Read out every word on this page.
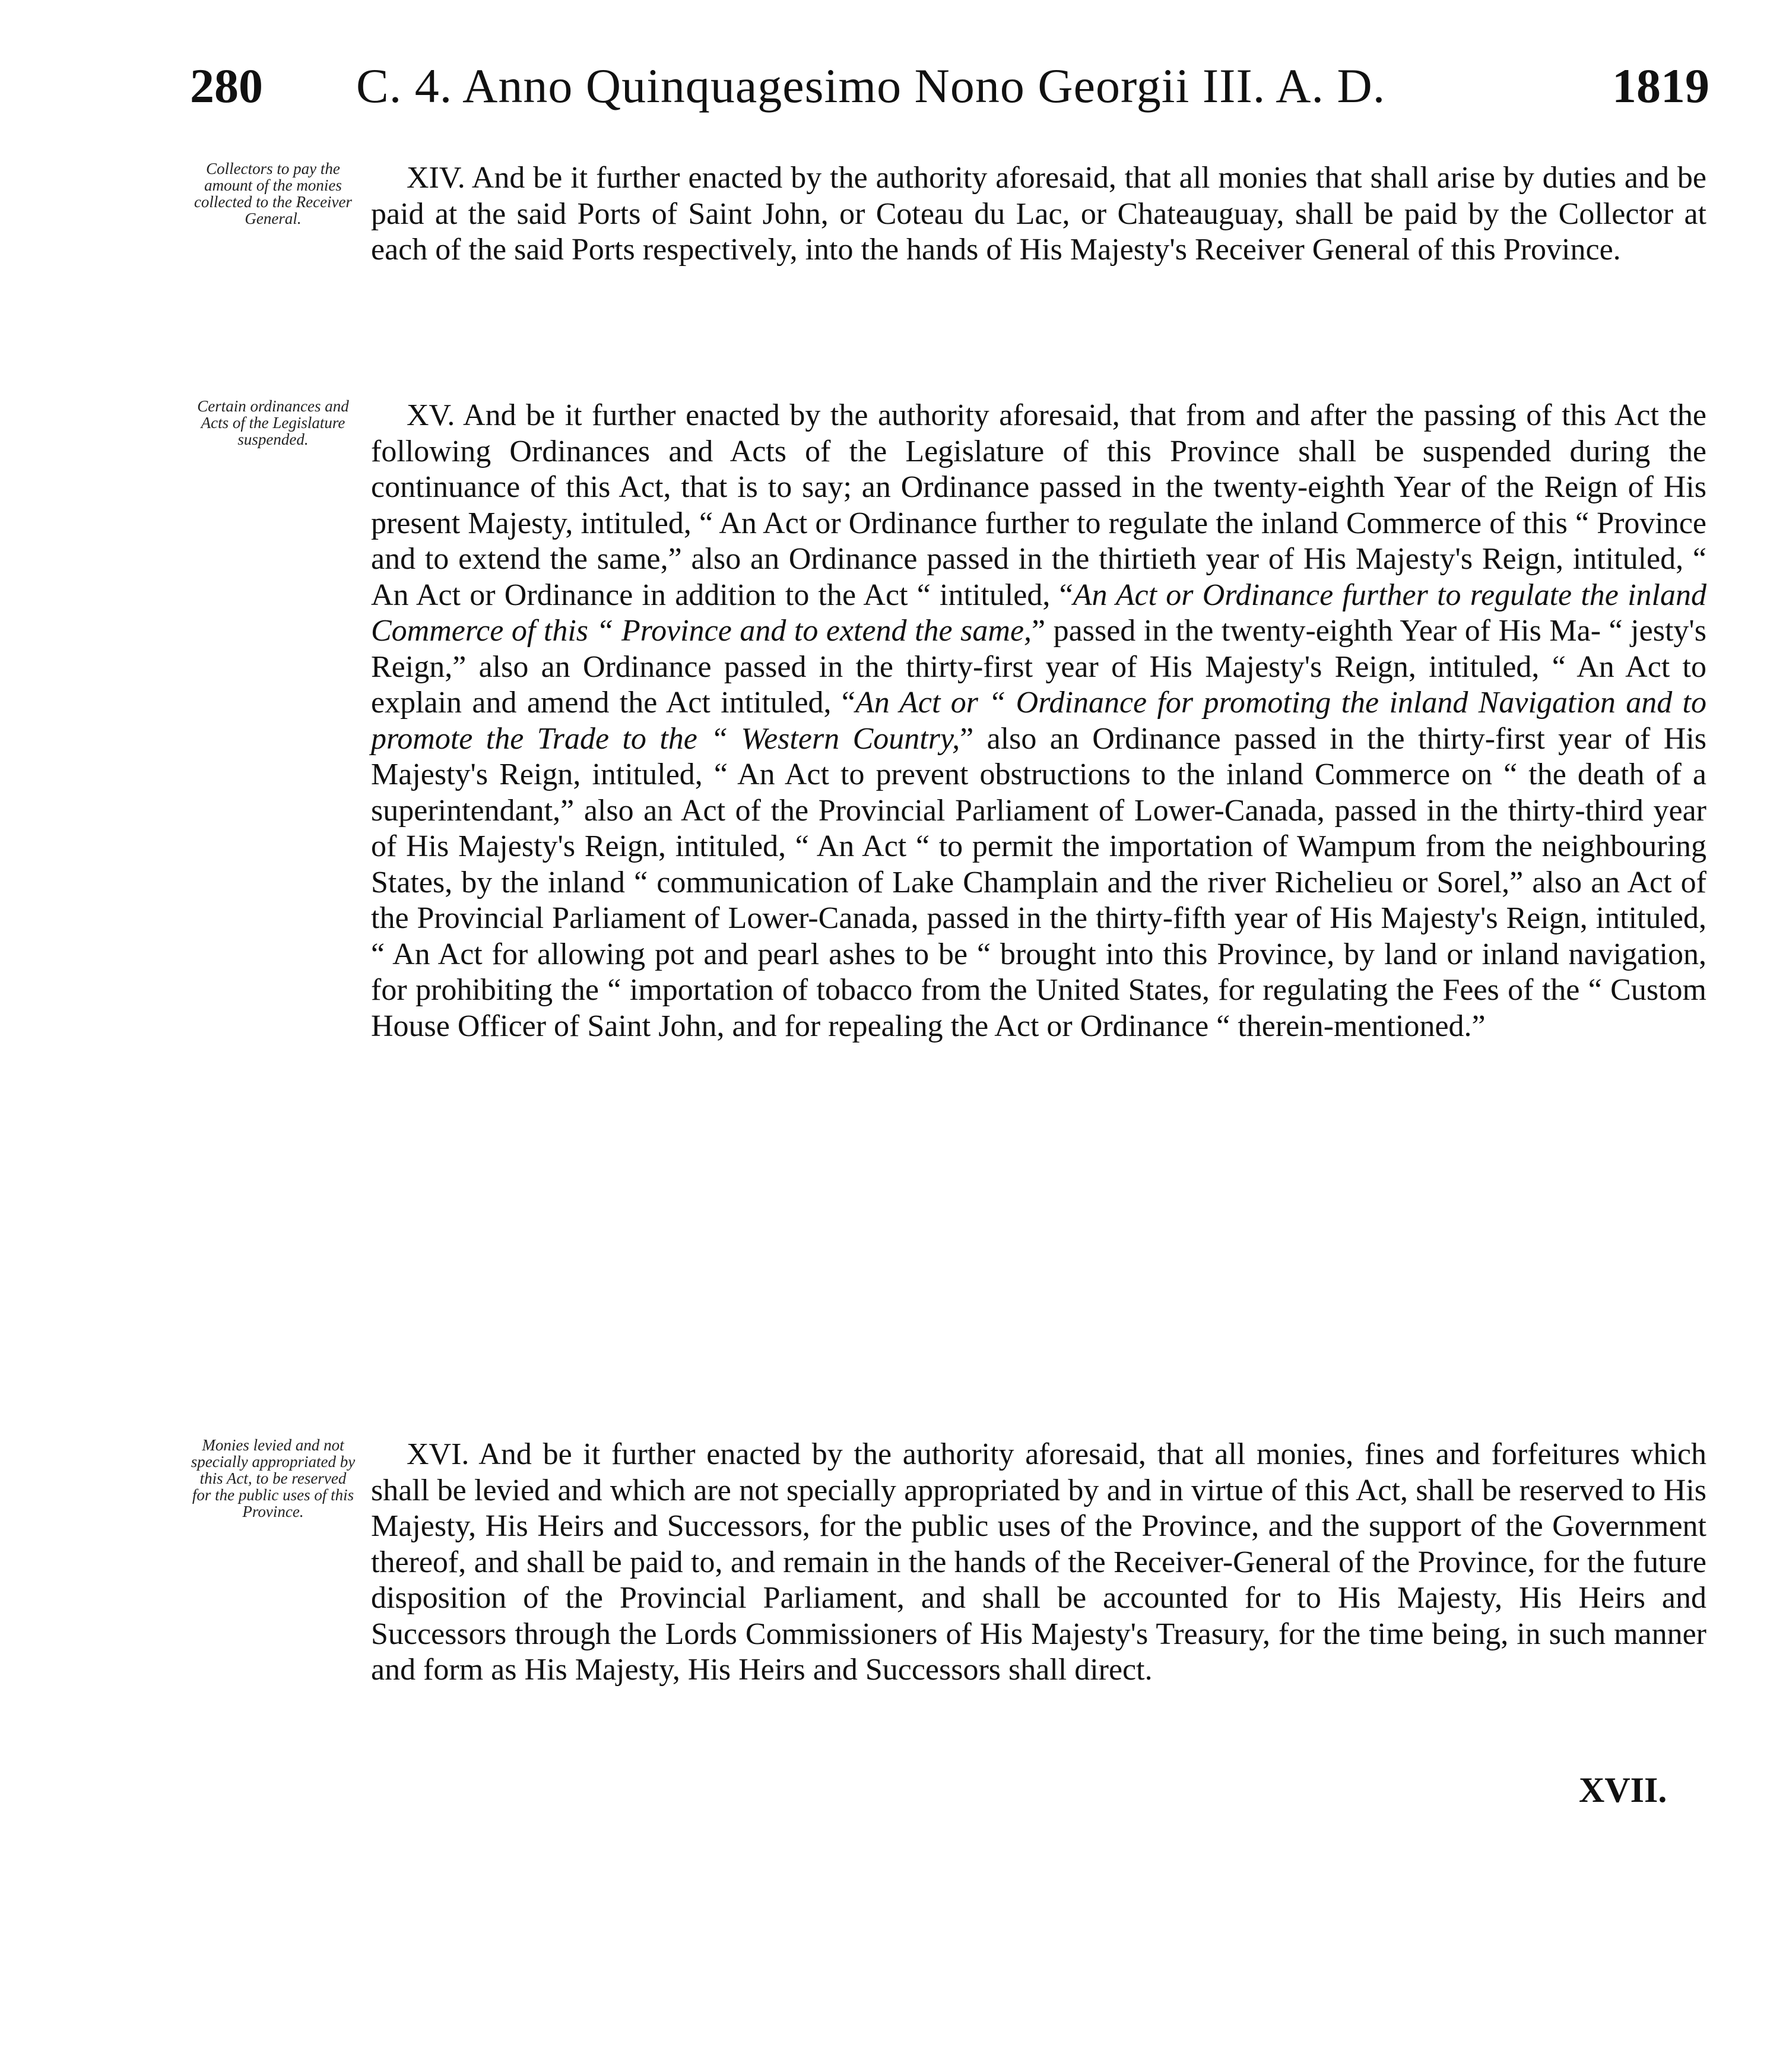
280 C. 4. Anno Quinquagesimo Nono Georgii III. A. D.	1819
Collectors to pay the amount of the monies collected to the Receiver General.
XIV. And be it further enacted by the authority aforesaid, that all monies that shall arise by duties and be paid at the said Ports of Saint John, or Coteau du Lac, or Chateauguay, shall be paid by the Collector at each of the said Ports respectively, into the hands of His Majesty's Receiver General of this Province.
Certain ordinances and Acts of the Legislature suspended.
XV. And be it further enacted by the authority aforesaid, that from and after the passing of this Act the following Ordinances and Acts of the Legislature of this Province shall be suspended during the continuance of this Act, that is to say; an Ordinance passed in the twenty-eighth Year of the Reign of His present Majesty, intituled, “ An Act or Ordinance further to regulate the inland Commerce of this “ Province and to extend the same,” also an Ordinance passed in the thirtieth year of His Majesty's Reign, intituled, “ An Act or Ordinance in addition to the Act “ intituled, “An Act or Ordinance further to regulate the inland Commerce of this “ Province and to extend the same,” passed in the twenty-eighth Year of His Ma- “ jesty's Reign,” also an Ordinance passed in the thirty-first year of His Majesty's Reign, intituled, “ An Act to explain and amend the Act intituled, “An Act or “ Ordinance for promoting the inland Navigation and to promote the Trade to the “ Western Country,” also an Ordinance passed in the thirty-first year of His Majesty's Reign, intituled, “ An Act to prevent obstructions to the inland Commerce on “ the death of a superintendant,” also an Act of the Provincial Parliament of Lower-Canada, passed in the thirty-third year of His Majesty's Reign, intituled, “ An Act “ to permit the importation of Wampum from the neighbouring States, by the inland “ communication of Lake Champlain and the river Richelieu or Sorel,” also an Act of the Provincial Parliament of Lower-Canada, passed in the thirty-fifth year of His Majesty's Reign, intituled, “ An Act for allowing pot and pearl ashes to be “ brought into this Province, by land or inland navigation, for prohibiting the “ importation of tobacco from the United States, for regulating the Fees of the “ Custom House Officer of Saint John, and for repealing the Act or Ordinance “ therein-mentioned.”
Monies levied and not specially appropriated by this Act, to be reserved for the public uses of this Province.
XVI. And be it further enacted by the authority aforesaid, that all monies, fines and forfeitures which shall be levied and which are not specially appropriated by and in virtue of this Act, shall be reserved to His Majesty, His Heirs and Successors, for the public uses of the Province, and the support of the Government thereof, and shall be paid to, and remain in the hands of the Receiver-General of the Province, for the future disposition of the Provincial Parliament, and shall be accounted for to His Majesty, His Heirs and Successors through the Lords Commissioners of His Majesty's Treasury, for the time being, in such manner and form as His Majesty, His Heirs and Successors shall direct.
XVII.
